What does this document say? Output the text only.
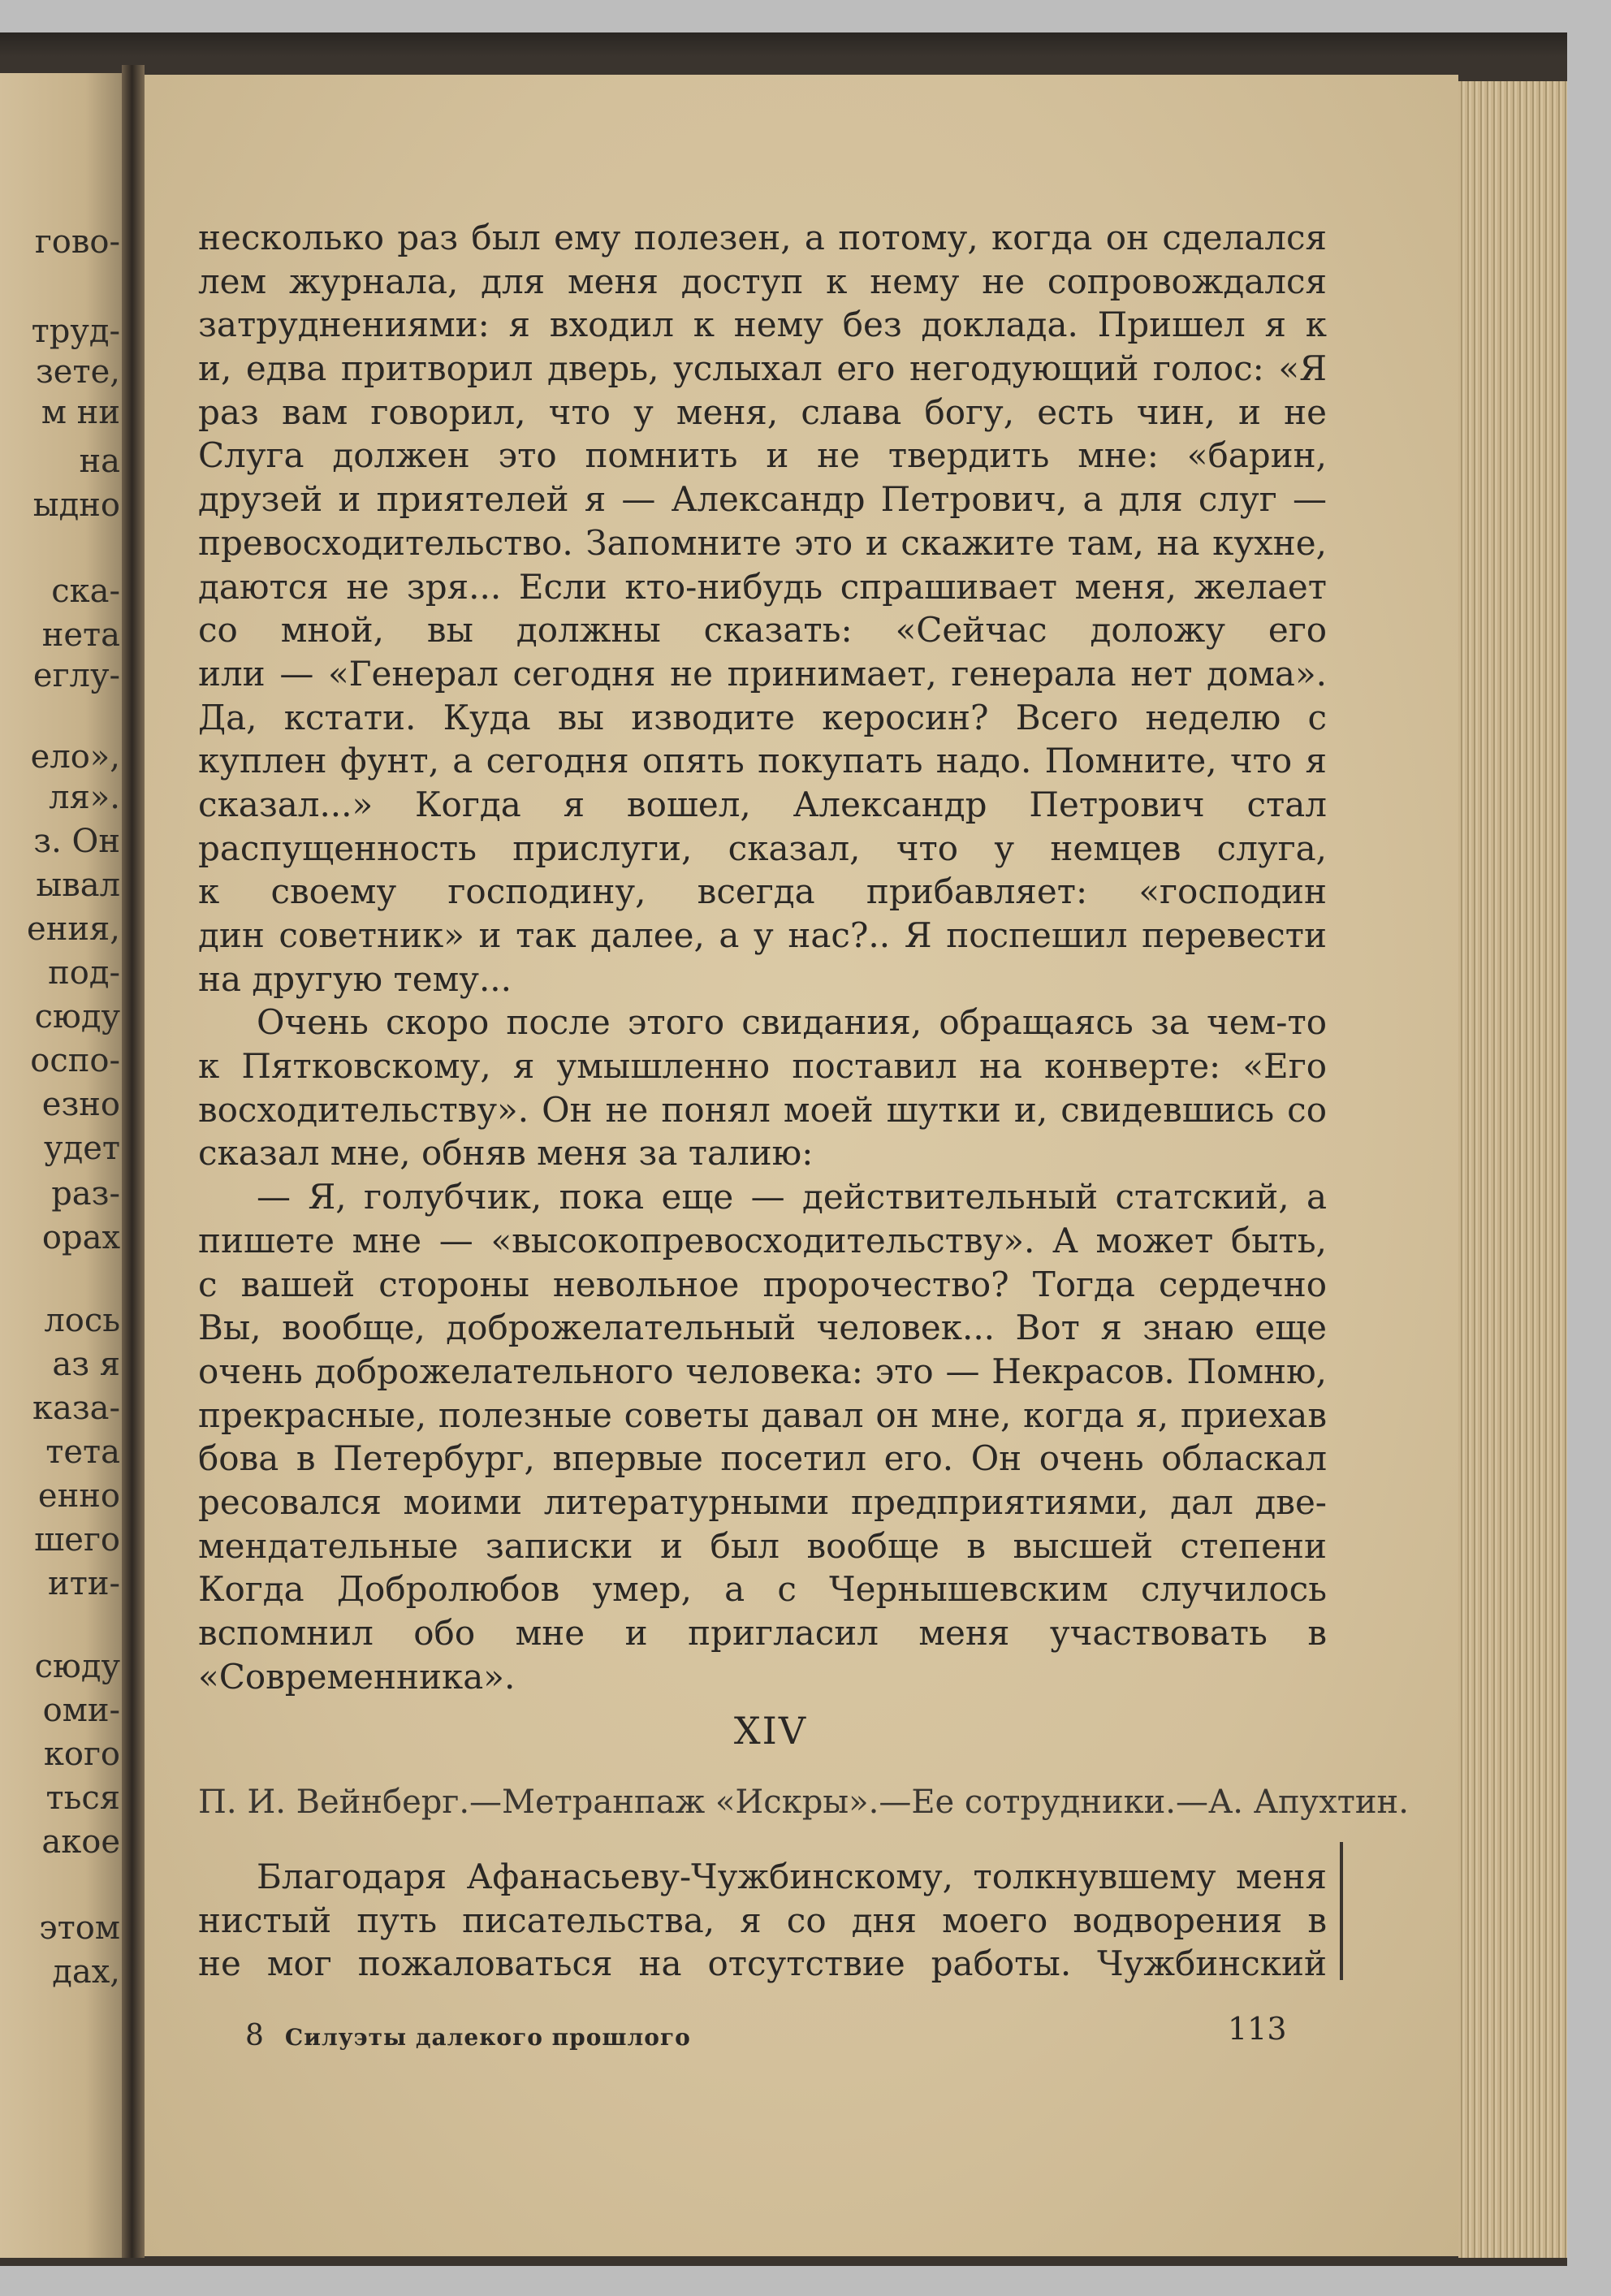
гово-
труд-
зете,
м ни
на
ыдно
ска-
нета
еглу-
ело»,
ля».
з. Он
ывал
ения,
под-
сюду
оспо-
езно
удет
раз-
орах
лось
аз я
каза-
тета
енно
шего
ити-
сюду
оми-
кого
ться
акое
этом
дах,
несколько раз был ему полезен, а потому, когда он сделался
лем журнала, для меня доступ к нему не сопровождался
затруднениями: я входил к нему без доклада. Пришел я к
и, едва притворил дверь, услыхал его негодующий голос: «Я
раз вам говорил, что у меня, слава богу, есть чин, и не
Слуга должен это помнить и не твердить мне: «барин,
друзей и приятелей я — Александр Петрович, а для слуг —
превосходительство. Запомните это и скажите там, на кухне,
даются не зря... Если кто-нибудь спрашивает меня, желает
со мной, вы должны сказать: «Сейчас доложу его
или — «Генерал сегодня не принимает, генерала нет дома».
Да, кстати. Куда вы изводите керосин? Всего неделю с
куплен фунт, а сегодня опять покупать надо. Помните, что я
сказал...» Когда я вошел, Александр Петрович стал
распущенность прислуги, сказал, что у немцев слуга,
к своему господину, всегда прибавляет: «господин
дин советник» и так далее, а у нас?.. Я поспешил перевести
на другую тему...
Очень скоро после этого свидания, обращаясь за чем-то
к Пятковскому, я умышленно поставил на конверте: «Его
восходительству». Он не понял моей шутки и, свидевшись со
сказал мне, обняв меня за талию:
— Я, голубчик, пока еще — действительный статский, а
пишете мне — «высокопревосходительству». А может быть,
с вашей стороны невольное пророчество? Тогда сердечно
Вы, вообще, доброжелательный человек... Вот я знаю еще
очень доброжелательного человека: это — Некрасов. Помню,
прекрасные, полезные советы давал он мне, когда я, приехав
бова в Петербург, впервые посетил его. Он очень обласкал
ресовался моими литературными предприятиями, дал две-
мендательные записки и был вообще в высшей степени
Когда Добролюбов умер, а с Чернышевским случилось
вспомнил обо мне и пригласил меня участвовать в
«Современника».
XIV
П. И. Вейнберг.—Метранпаж «Искры».—Ее сотрудники.—А. Апухтин.
Благодаря Афанасьеву-Чужбинскому, толкнувшему меня
нистый путь писательства, я со дня моего водворения в
не мог пожаловаться на отсутствие работы. Чужбинский
8 Силуэты далекого прошлого	113
